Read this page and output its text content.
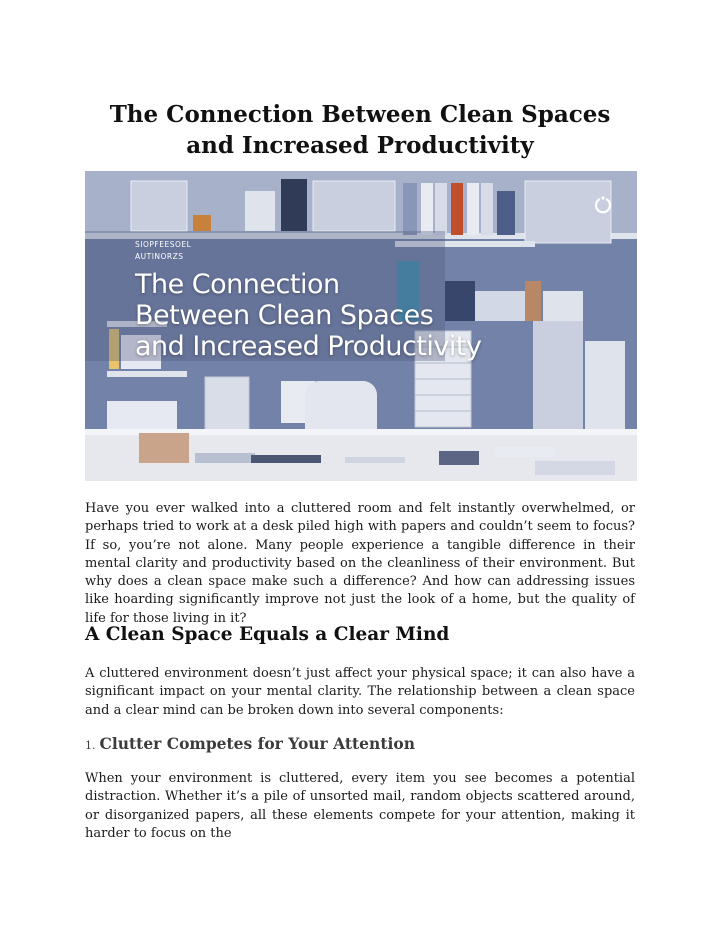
The Connection Between Clean Spaces and Increased Productivity
SIOPFEESOEL
AUTINORZS
The Connection
Between Clean Spaces
and Increased Productivity

Have you ever walked into a cluttered room and felt instantly overwhelmed, or perhaps tried to work at a desk piled high with papers and couldn’t seem to focus? If so, you’re not alone. Many people experience a tangible difference in their mental clarity and productivity based on the cleanliness of their environment. But why does a clean space make such a difference? And how can addressing issues like hoarding significantly improve not just the look of a home, but the quality of life for those living in it?

A Clean Space Equals a Clear Mind

A cluttered environment doesn’t just affect your physical space; it can also have a significant impact on your mental clarity. The relationship between a clean space and a clear mind can be broken down into several components:

1. Clutter Competes for Your Attention

When your environment is cluttered, every item you see becomes a potential distraction. Whether it’s a pile of unsorted mail, random objects scattered around, or disorganized papers, all these elements compete for your attention, making it harder to focus on the
